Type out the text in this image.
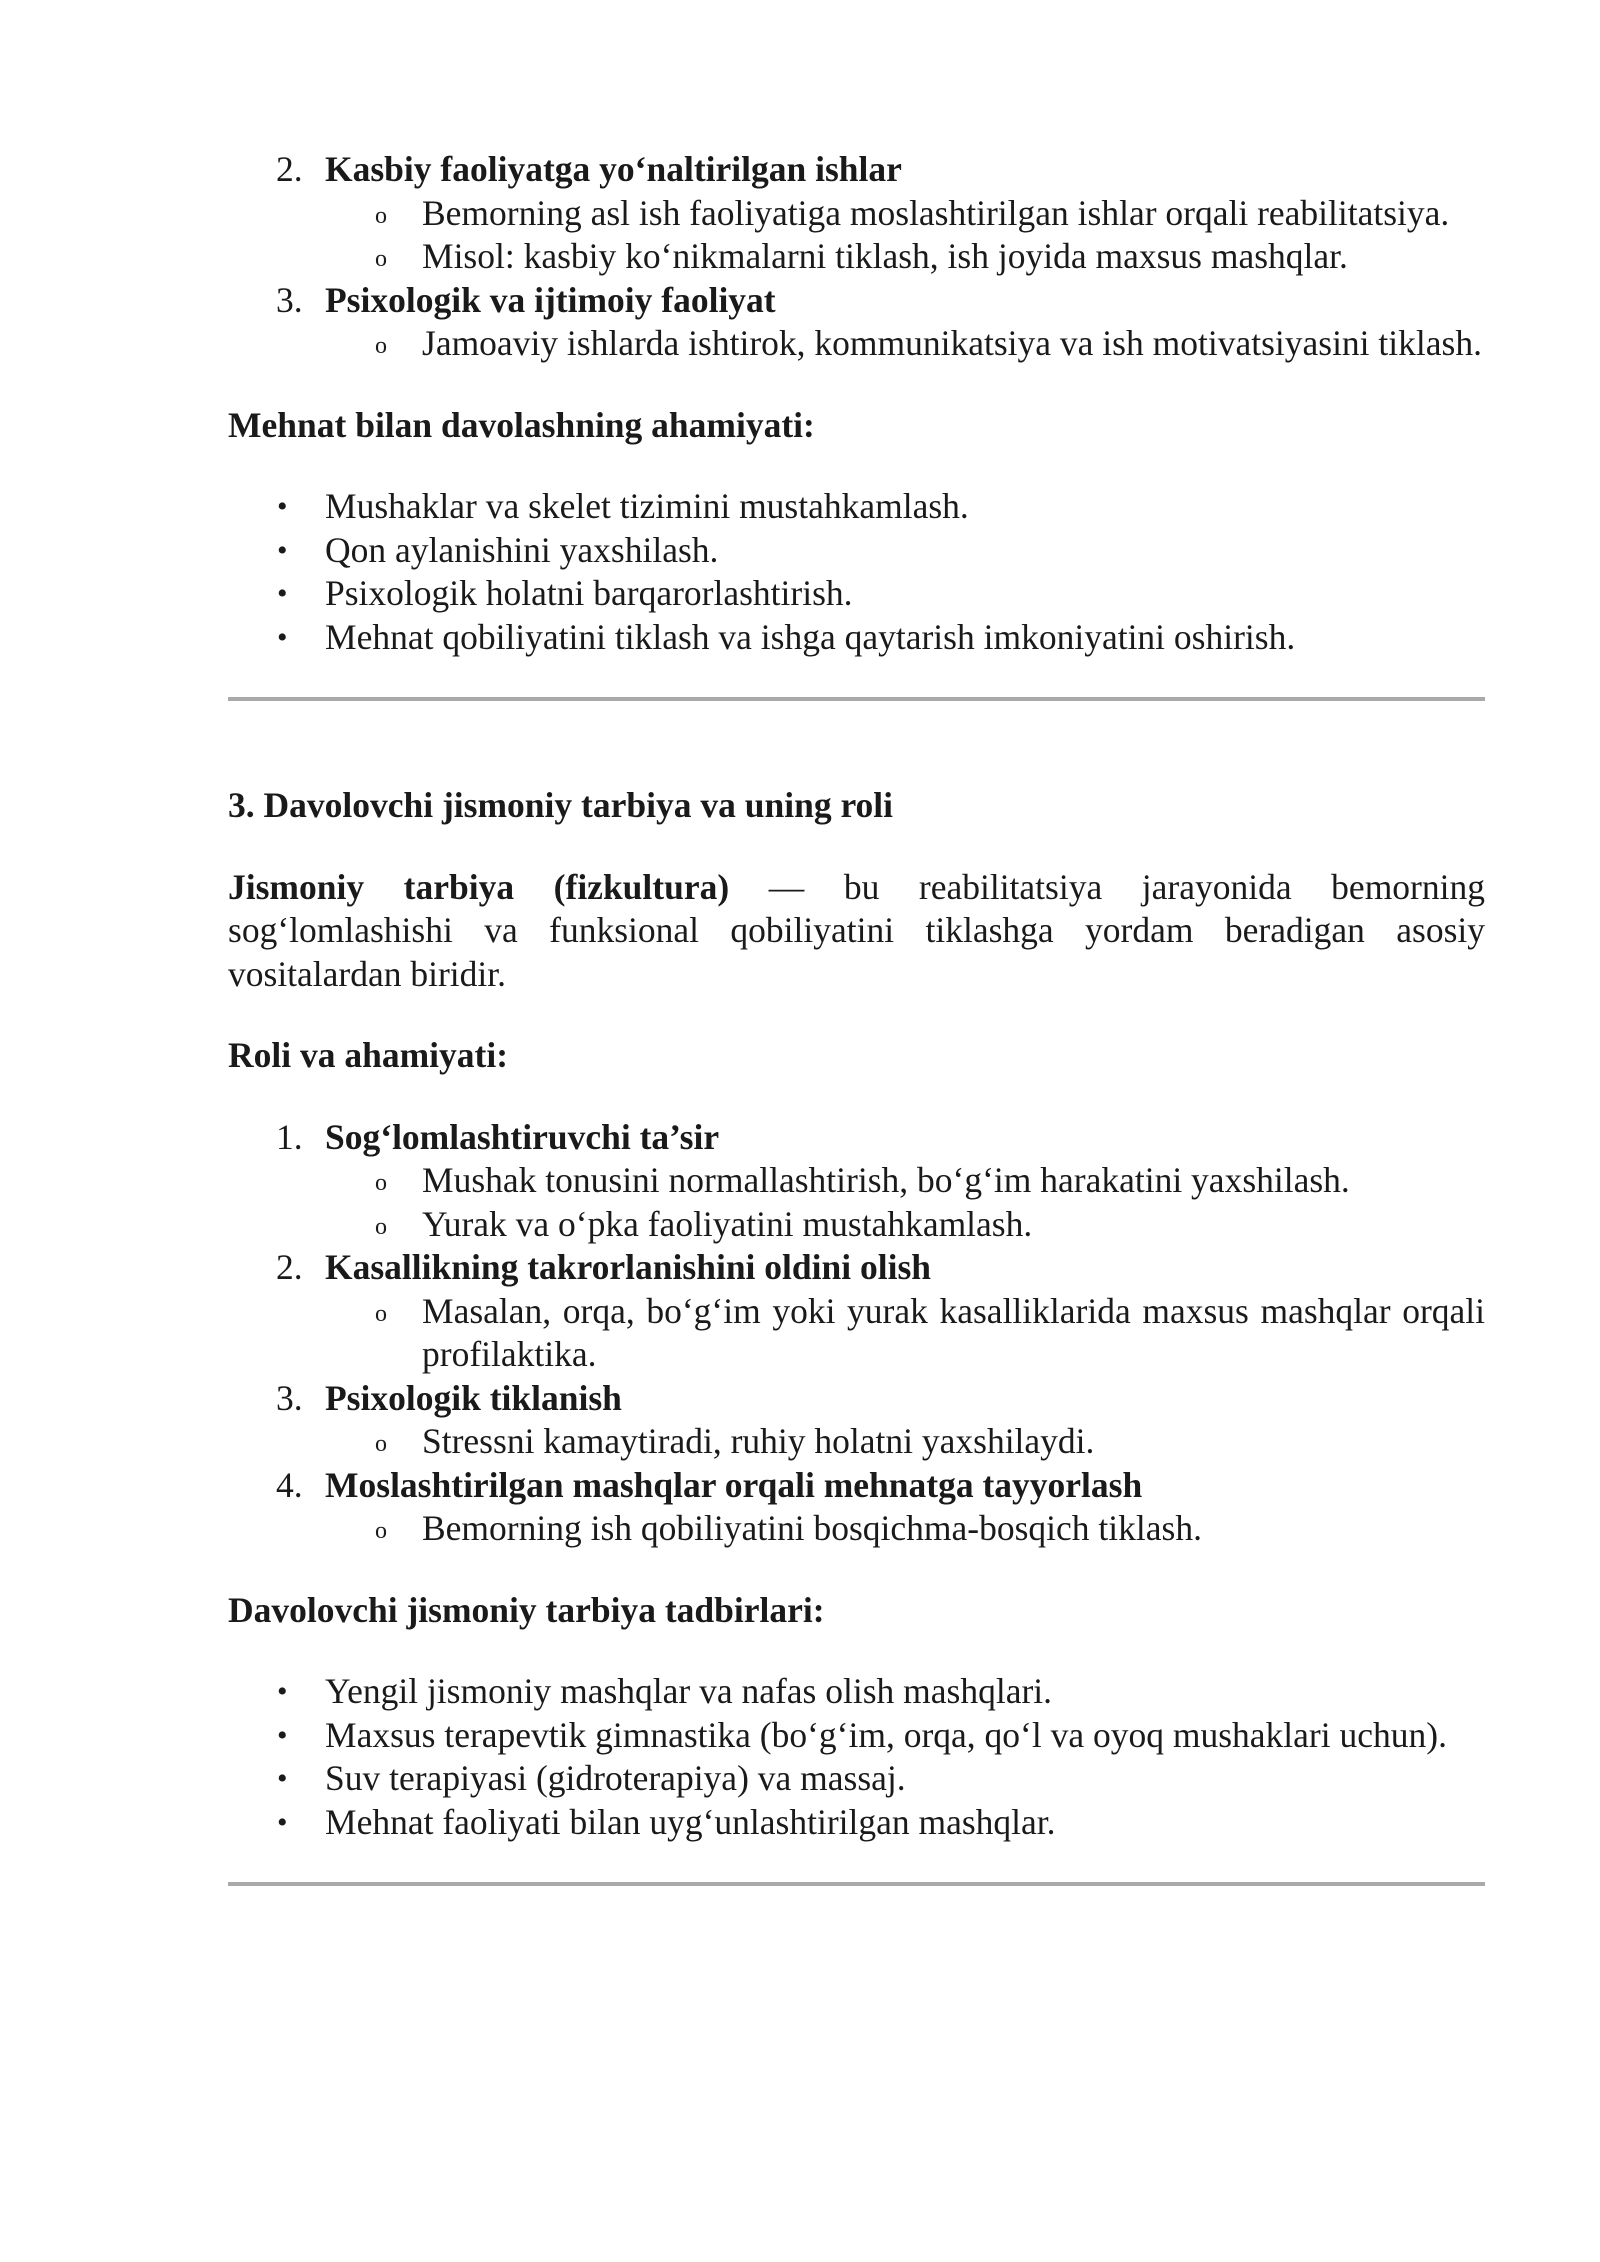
2. Kasbiy faoliyatga yo‘naltirilgan ishlar
o Bemorning asl ish faoliyatiga moslashtirilgan ishlar orqali reabilitatsiya.
o Misol: kasbiy ko‘nikmalarni tiklash, ish joyida maxsus mashqlar.
3. Psixologik va ijtimoiy faoliyat
o Jamoaviy ishlarda ishtirok, kommunikatsiya va ish motivatsiyasini tiklash.
Mehnat bilan davolashning ahamiyati:
• Mushaklar va skelet tizimini mustahkamlash.
• Qon aylanishini yaxshilash.
• Psixologik holatni barqarorlashtirish.
• Mehnat qobiliyatini tiklash va ishga qaytarish imkoniyatini oshirish.
3. Davolovchi jismoniy tarbiya va uning roli
Jismoniy tarbiya (fizkultura) — bu reabilitatsiya jarayonida bemorning sog‘lomlashishi va funksional qobiliyatini tiklashga yordam beradigan asosiy vositalardan biridir.
Roli va ahamiyati:
1. Sog‘lomlashtiruvchi ta’sir
o Mushak tonusini normallashtirish, bo‘g‘im harakatini yaxshilash.
o Yurak va o‘pka faoliyatini mustahkamlash.
2. Kasallikning takrorlanishini oldini olish
o Masalan, orqa, bo‘g‘im yoki yurak kasalliklarida maxsus mashqlar orqali profilaktika.
3. Psixologik tiklanish
o Stressni kamaytiradi, ruhiy holatni yaxshilaydi.
4. Moslashtirilgan mashqlar orqali mehnatga tayyorlash
o Bemorning ish qobiliyatini bosqichma-bosqich tiklash.
Davolovchi jismoniy tarbiya tadbirlari:
• Yengil jismoniy mashqlar va nafas olish mashqlari.
• Maxsus terapevtik gimnastika (bo‘g‘im, orqa, qo‘l va oyoq mushaklari uchun).
• Suv terapiyasi (gidroterapiya) va massaj.
• Mehnat faoliyati bilan uyg‘unlashtirilgan mashqlar.
